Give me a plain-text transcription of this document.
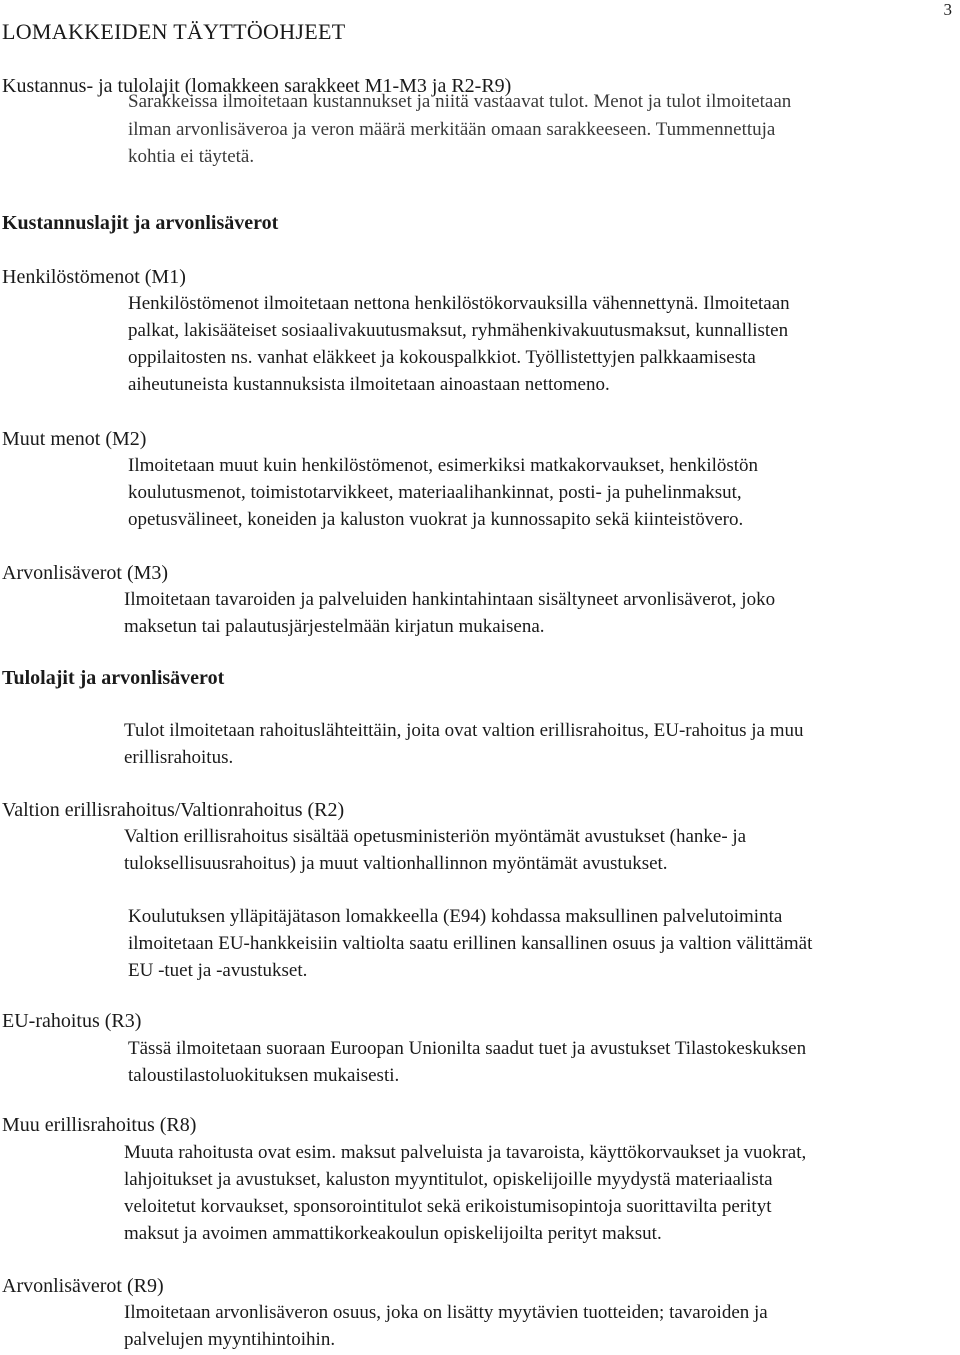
3
LOMAKKEIDEN TÄYTTÖOHJEET
Kustannus- ja tulolajit (lomakkeen sarakkeet M1-M3 ja R2-R9)
Sarakkeissa ilmoitetaan kustannukset ja niitä vastaavat tulot. Menot ja tulot ilmoitetaan
ilman arvonlisäveroa ja veron määrä merkitään omaan sarakkeeseen. Tummennettuja
kohtia ei täytetä.
Kustannuslajit ja arvonlisäverot
Henkilöstömenot (M1)
Henkilöstömenot ilmoitetaan nettona henkilöstökorvauksilla vähennettynä. Ilmoitetaan
palkat, lakisääteiset sosiaalivakuutusmaksut, ryhmähenkivakuutusmaksut, kunnallisten
oppilaitosten ns. vanhat eläkkeet ja kokouspalkkiot. Työllistettyjen palkkaamisesta
aiheutuneista kustannuksista ilmoitetaan ainoastaan nettomeno.
Muut menot (M2)
Ilmoitetaan muut kuin henkilöstömenot, esimerkiksi matkakorvaukset, henkilöstön
koulutusmenot, toimistotarvikkeet, materiaalihankinnat, posti- ja puhelinmaksut,
opetusvälineet, koneiden ja kaluston vuokrat ja kunnossapito sekä kiinteistövero.
Arvonlisäverot (M3)
Ilmoitetaan tavaroiden ja palveluiden hankintahintaan sisältyneet arvonlisäverot, joko
maksetun tai palautusjärjestelmään kirjatun mukaisena.
Tulolajit ja arvonlisäverot
Tulot ilmoitetaan rahoituslähteittäin, joita ovat valtion erillisrahoitus, EU-rahoitus ja muu
erillisrahoitus.
Valtion erillisrahoitus/Valtionrahoitus (R2)
Valtion erillisrahoitus sisältää opetusministeriön myöntämät avustukset (hanke- ja
tuloksellisuusrahoitus) ja muut valtionhallinnon myöntämät avustukset.
Koulutuksen ylläpitäjätason lomakkeella (E94) kohdassa maksullinen palvelutoiminta
ilmoitetaan EU-hankkeisiin valtiolta saatu erillinen kansallinen osuus ja valtion välittämät
EU -tuet ja -avustukset.
EU-rahoitus (R3)
Tässä ilmoitetaan suoraan Euroopan Unionilta saadut tuet ja avustukset Tilastokeskuksen
taloustilastoluokituksen mukaisesti.
Muu erillisrahoitus (R8)
Muuta rahoitusta ovat esim. maksut palveluista ja tavaroista, käyttökorvaukset ja vuokrat,
lahjoitukset ja avustukset, kaluston myyntitulot, opiskelijoille myydystä materiaalista
veloitetut korvaukset, sponsorointitulot sekä erikoistumisopintoja suorittavilta perityt
maksut ja avoimen ammattikorkeakoulun opiskelijoilta perityt maksut.
Arvonlisäverot (R9)
Ilmoitetaan arvonlisäveron osuus, joka on lisätty myytävien tuotteiden; tavaroiden ja
palvelujen myyntihintoihin.
